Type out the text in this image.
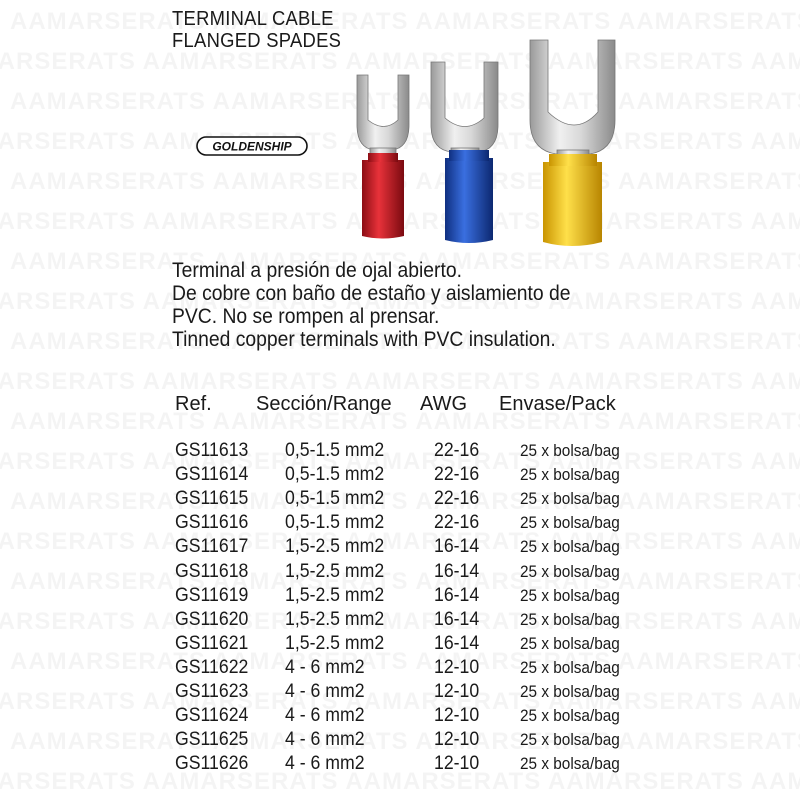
TERMINAL CABLE
FLANGED SPADES
GOLDENSHIP
Terminal a presión de ojal abierto.
De cobre con baño de estaño y aislamiento de
PVC. No se rompen al prensar.
Tinned copper terminals with PVC insulation.
Ref. Sección/Range AWG Envase/Pack
GS11613 0,5-1.5 mm2	22-16 25 x bolsa/bag
GS11614 0,5-1.5 mm2	22-16 25 x bolsa/bag
GS11615 0,5-1.5 mm2	22-16 25 x bolsa/bag
GS11616 0,5-1.5 mm2	22-16 25 x bolsa/bag
GS11617 1,5-2.5 mm2	16-14 25 x bolsa/bag
GS11618 1,5-2.5 mm2	16-14 25 x bolsa/bag
GS11619 1,5-2.5 mm2	16-14 25 x bolsa/bag
GS11620 1,5-2.5 mm2	16-14 25 x bolsa/bag
GS11621 1,5-2.5 mm2	16-14 25 x bolsa/bag
GS11622 4 - 6 mm2	12-10 25 x bolsa/bag
GS11623 4 - 6 mm2	12-10 25 x bolsa/bag
GS11624 4 - 6 mm2	12-10 25 x bolsa/bag
GS11625 4 - 6 mm2	12-10 25 x bolsa/bag
GS11626 4 - 6 mm2	12-10 25 x bolsa/bag
